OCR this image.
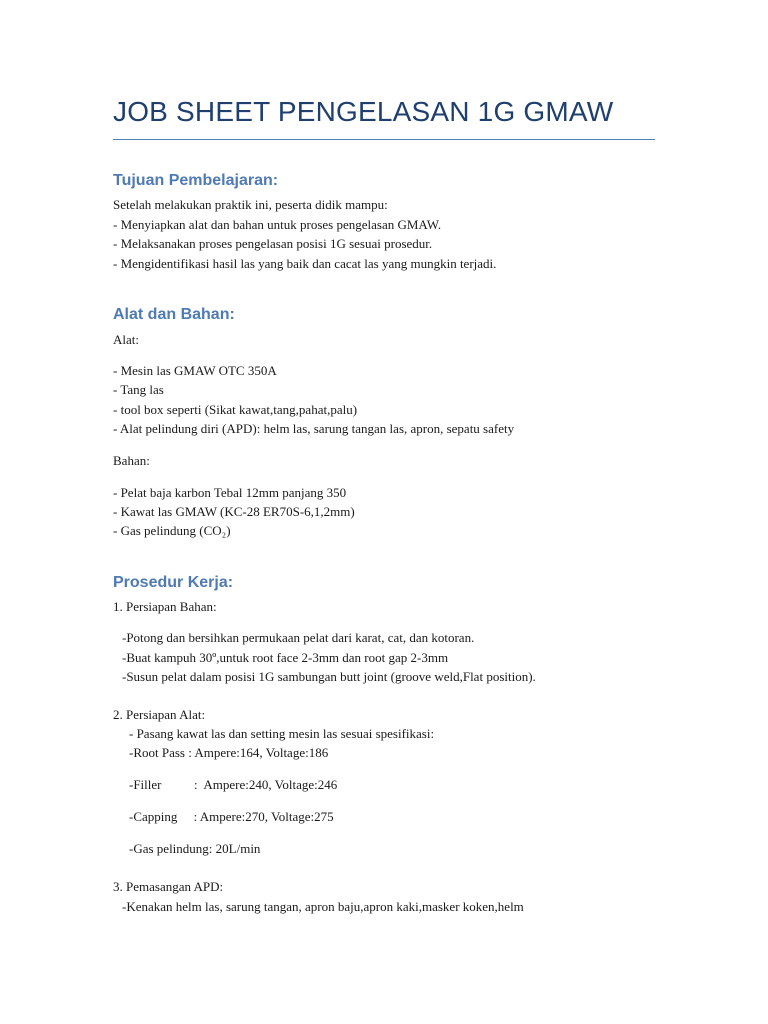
JOB SHEET PENGELASAN 1G GMAW
Tujuan Pembelajaran:
Setelah melakukan praktik ini, peserta didik mampu:
- Menyiapkan alat dan bahan untuk proses pengelasan GMAW.
- Melaksanakan proses pengelasan posisi 1G sesuai prosedur.
- Mengidentifikasi hasil las yang baik dan cacat las yang mungkin terjadi.
Alat dan Bahan:
Alat:
- Mesin las GMAW OTC 350A
- Tang las
- tool box seperti (Sikat kawat,tang,pahat,palu)
- Alat pelindung diri (APD): helm las, sarung tangan las, apron, sepatu safety
Bahan:
- Pelat baja karbon Tebal 12mm panjang 350
- Kawat las GMAW (KC-28 ER70S-6,1,2mm)
- Gas pelindung (CO₂)
Prosedur Kerja:
1. Persiapan Bahan:
-Potong dan bersihkan permukaan pelat dari karat, cat, dan kotoran.
-Buat kampuh 30º,untuk root face 2-3mm dan root gap 2-3mm
-Susun pelat dalam posisi 1G sambungan butt joint (groove weld,Flat position).
2. Persiapan Alat:
- Pasang kawat las dan setting mesin las sesuai spesifikasi:
-Root Pass : Ampere:164, Voltage:186
-Filler          :  Ampere:240, Voltage:246
-Capping     : Ampere:270, Voltage:275
-Gas pelindung: 20L/min
3. Pemasangan APD:
-Kenakan helm las, sarung tangan, apron baju,apron kaki,masker koken,helm
